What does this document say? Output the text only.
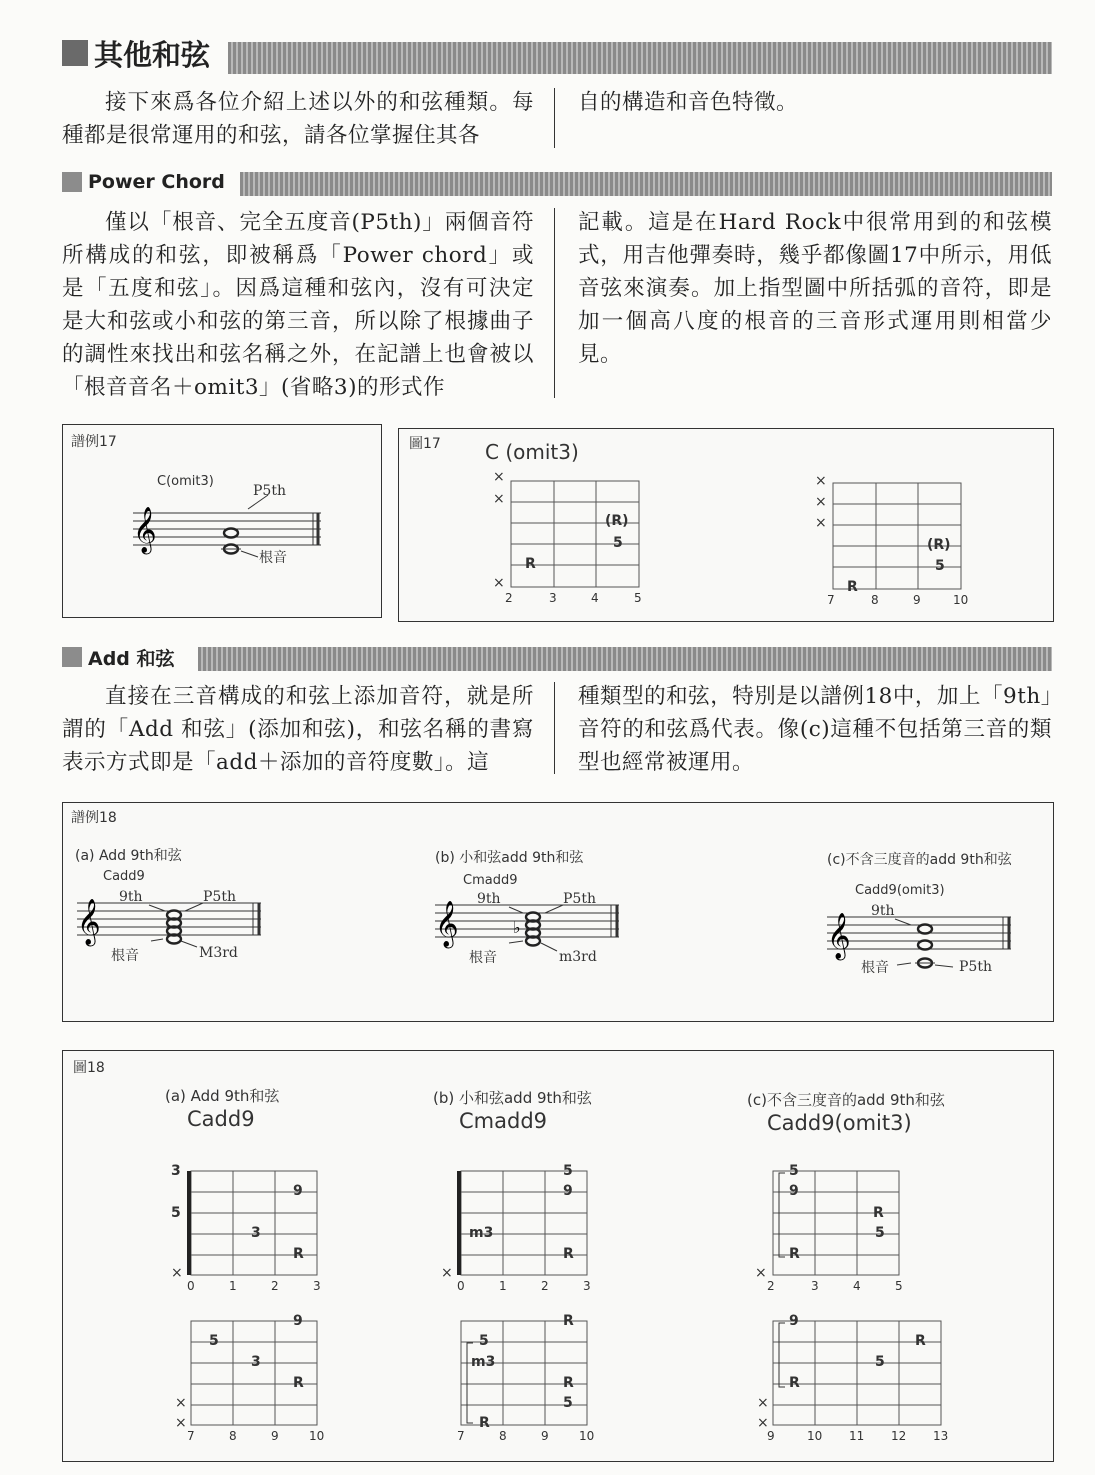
其他和弦
接下來爲各位介紹上述以外的和弦種類。每種都是很常運用的和弦，請各位掌握住其各
自的構造和音色特徵。
Power Chord
僅以「根音、完全五度音(P5th)」兩個音符所構成的和弦，即被稱爲「Power chord」或是「五度和弦」。因爲這種和弦內，沒有可決定是大和弦或小和弦的第三音，所以除了根據曲子的調性來找出和弦名稱之外，在記譜上也會被以「根音音名＋omit3」(省略3)的形式作
記載。這是在Hard Rock中很常用到的和弦模式，用吉他彈奏時，幾乎都像圖17中所示，用低音弦來演奏。加上指型圖中所括弧的音符，即是加一個高八度的根音的三音形式運用則相當少見。
𝄞
譜例17
C(omit3)
P5th
根音
圖17 C (omit3)
×
×
×
(R)
5
R
2	3	4	5
×
×
×
(R)
5
R
7	8	9	10
Add 和弦
直接在三音構成的和弦上添加音符，就是所謂的「Add 和弦」(添加和弦)，和弦名稱的書寫表示方式即是「add＋添加的音符度數」。這
種類型的和弦，特別是以譜例18中，加上「9th」音符的和弦爲代表。像(c)這種不包括第三音的類型也經常被運用。
譜例18
𝄞	𝄞	𝄞
♭
(a) Add 9th和弦
Cadd9
9th	P5th
根音	M3rd
(b) 小和弦add 9th和弦
Cmadd9
9th	P5th
根音	m3rd
(c)不含三度音的add 9th和弦
Cadd9(omit3)
9th
根音	P5th
圖18
(a) Add 9th和弦
Cadd9
(b) 小和弦add 9th和弦
Cmadd9
(c)不含三度音的add 9th和弦
Cadd9(omit3)
3
5
9
3
R
×
0	1	2	3
9
5
3
R
×
×
7	8	9	10
5
9
m3
R
×
0	1	2	3
R
5
m3
R
5
R
7	8	9	10
5
9
R
5
R
×
2	3	4	5
9
R
5
R
×
×
9	10 11 12 13
